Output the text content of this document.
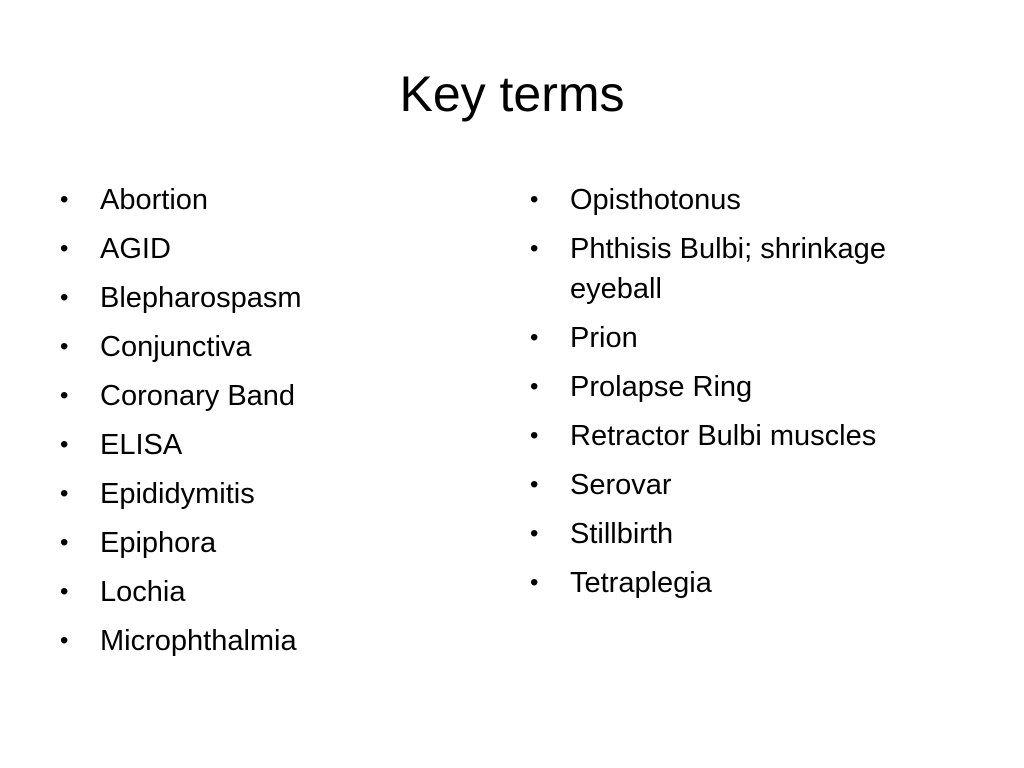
Key terms
•	Abortion
•	AGID
•	Blepharospasm
•	Conjunctiva
•	Coronary Band
•	ELISA
•	Epididymitis
•	Epiphora
•	Lochia
•	Microphthalmia
•	Opisthotonus
•	Phthisis Bulbi; shrinkage eyeball
•	Prion
•	Prolapse Ring
•	Retractor Bulbi muscles
•	Serovar
•	Stillbirth
•	Tetraplegia
